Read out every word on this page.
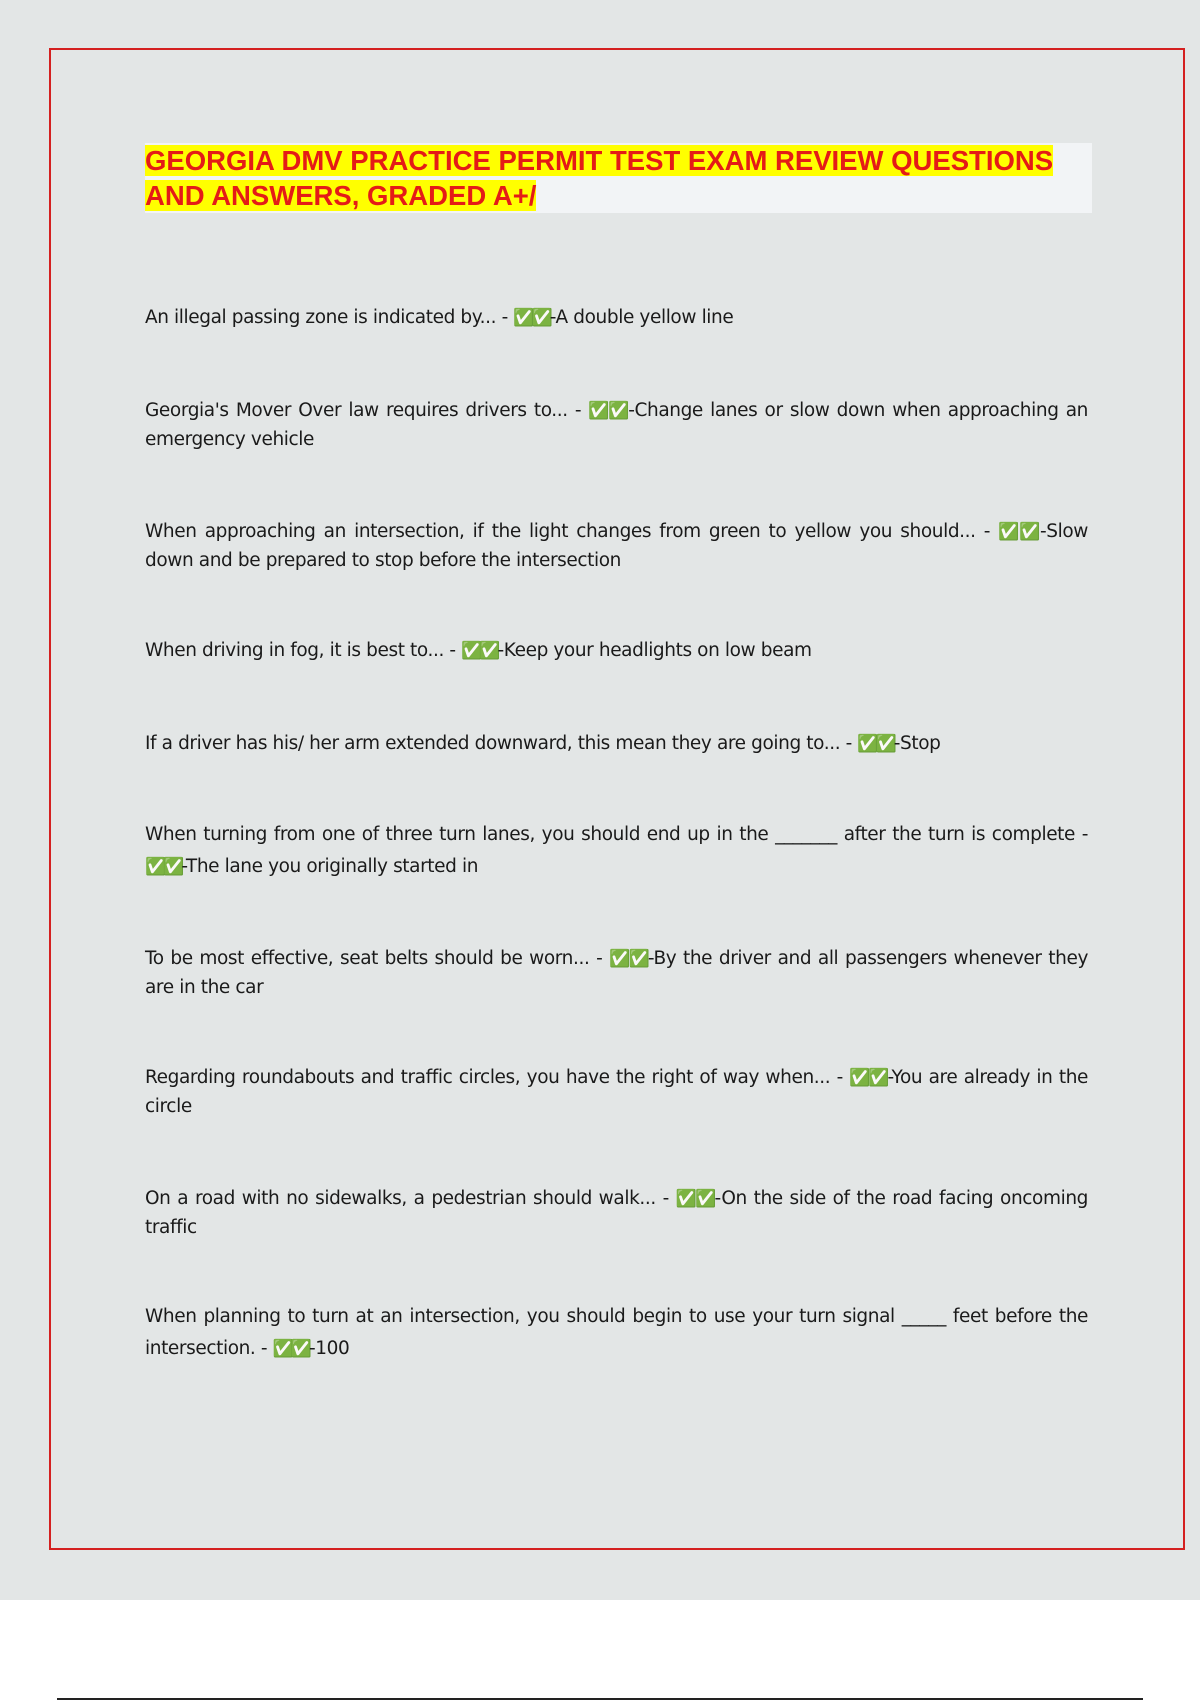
GEORGIA DMV PRACTICE PERMIT TEST EXAM REVIEW QUESTIONS AND ANSWERS, GRADED A+/

An illegal passing zone is indicated by... - ✅✅-A double yellow line

Georgia's Mover Over law requires drivers to... - ✅✅-Change lanes or slow down when approaching an emergency vehicle

When approaching an intersection, if the light changes from green to yellow you should... - ✅✅-Slow down and be prepared to stop before the intersection

When driving in fog, it is best to... - ✅✅-Keep your headlights on low beam

If a driver has his/ her arm extended downward, this mean they are going to... - ✅✅-Stop

When turning from one of three turn lanes, you should end up in the _______ after the turn is complete - ✅✅-The lane you originally started in

To be most effective, seat belts should be worn... - ✅✅-By the driver and all passengers whenever they are in the car

Regarding roundabouts and traffic circles, you have the right of way when... - ✅✅-You are already in the circle

On a road with no sidewalks, a pedestrian should walk... - ✅✅-On the side of the road facing oncoming traffic

When planning to turn at an intersection, you should begin to use your turn signal _____ feet before the intersection. - ✅✅-100
